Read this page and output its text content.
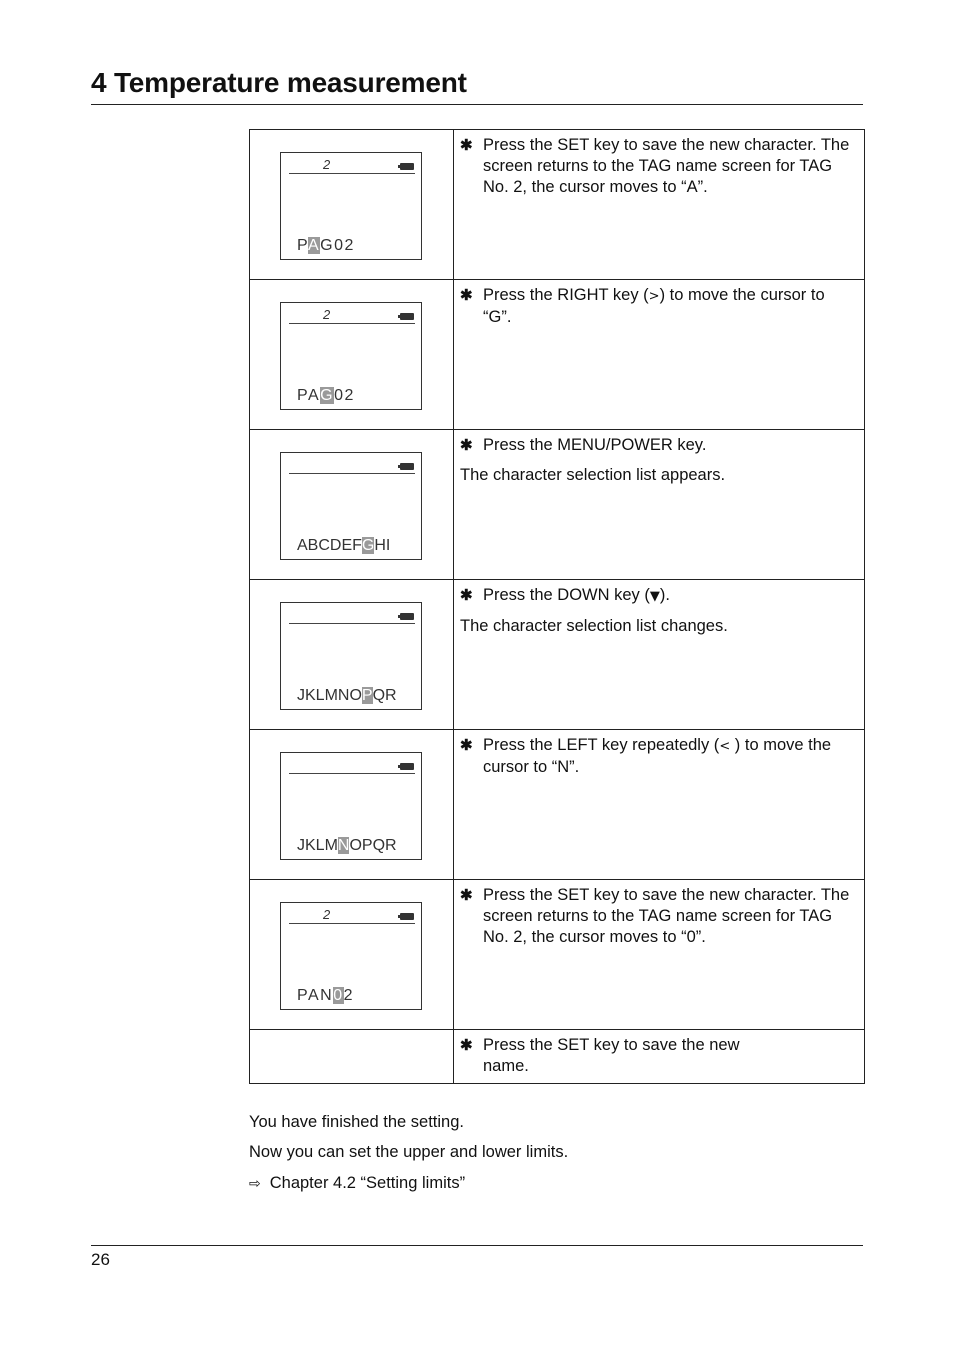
4 Temperature measurement
2
PAG02	✱ Press the SET key to save the new character. The screen returns to the TAG name screen for TAG No. 2, the cursor moves to “A”.

2
PAG02	✱ Press the RIGHT key (>) to move the cursor to “G”.

ABCDEFGHI	✱ Press the MENU/POWER key.
The character selection list appears.

JKLMNOPQR	✱ Press the DOWN key (▼).
The character selection list changes.

JKLMNOPQR	✱ Press the LEFT key repeatedly (< ) to move the cursor to “N”.

2
PAN02	✱ Press the SET key to save the new character. The screen returns to the TAG name screen for TAG No. 2, the cursor moves to “0”.

	✱ Press the SET key to save the new name.
You have finished the setting.
Now you can set the upper and lower limits.
⇨ Chapter 4.2 “Setting limits”
26
